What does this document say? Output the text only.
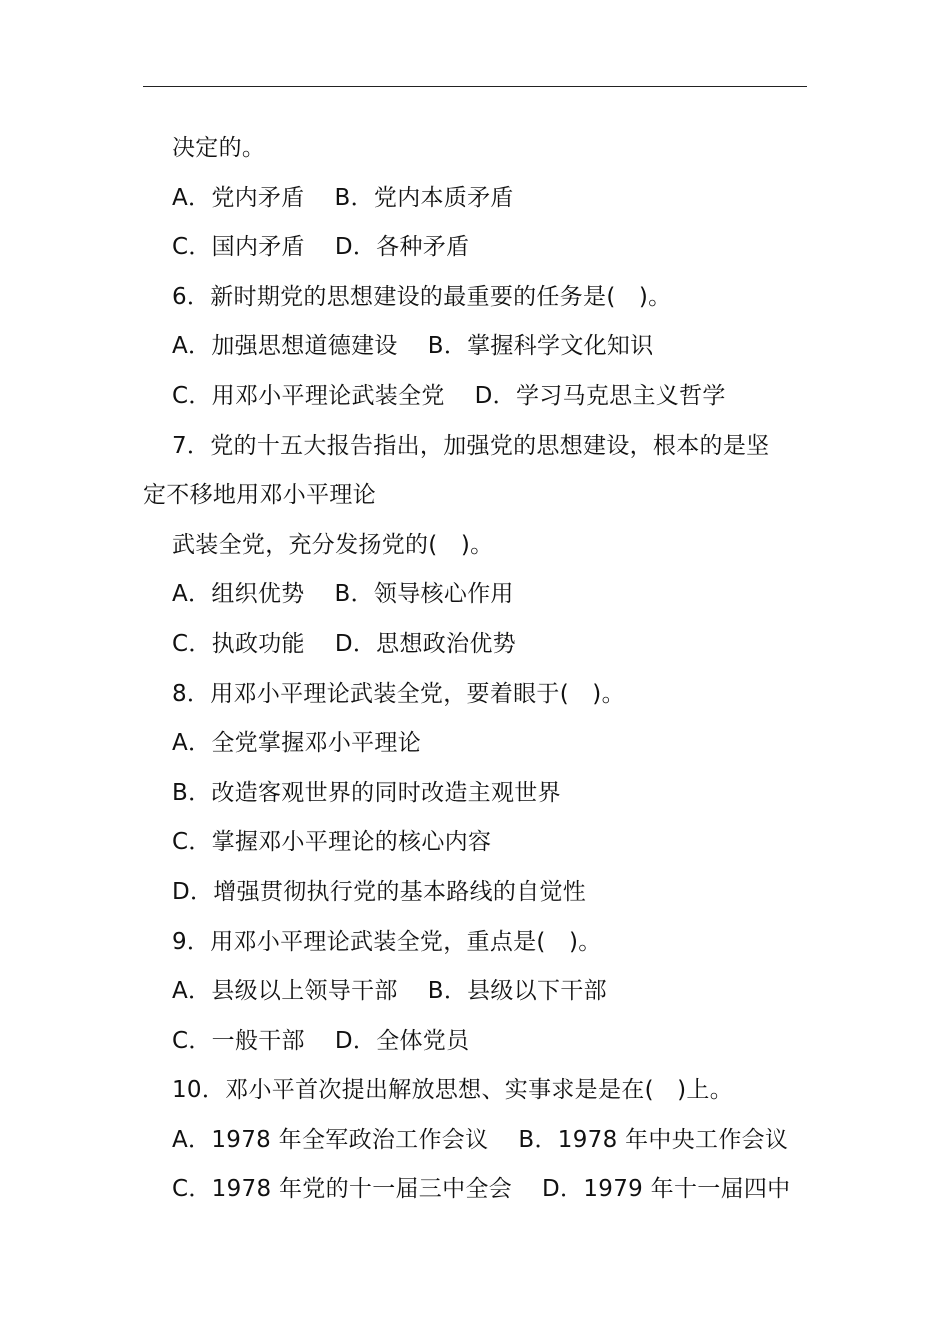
决定的。
A．党内矛盾 B．党内本质矛盾
C．国内矛盾 D．各种矛盾
6．新时期党的思想建设的最重要的任务是(　)。
A．加强思想道德建设 B．掌握科学文化知识
C．用邓小平理论武装全党 D．学习马克思主义哲学
7．党的十五大报告指出，加强党的思想建设，根本的是坚
定不移地用邓小平理论
武装全党，充分发扬党的(　)。
A．组织优势 B．领导核心作用
C．执政功能 D．思想政治优势
8．用邓小平理论武装全党，要着眼于(　)。
A．全党掌握邓小平理论
B．改造客观世界的同时改造主观世界
C．掌握邓小平理论的核心内容
D．增强贯彻执行党的基本路线的自觉性
9．用邓小平理论武装全党，重点是(　)。
A．县级以上领导干部 B．县级以下干部
C．一般干部 D．全体党员
10．邓小平首次提出解放思想、实事求是是在(　)上。
A．1978 年全军政治工作会议 B．1978 年中央工作会议
C．1978 年党的十一届三中全会 D．1979 年十一届四中
